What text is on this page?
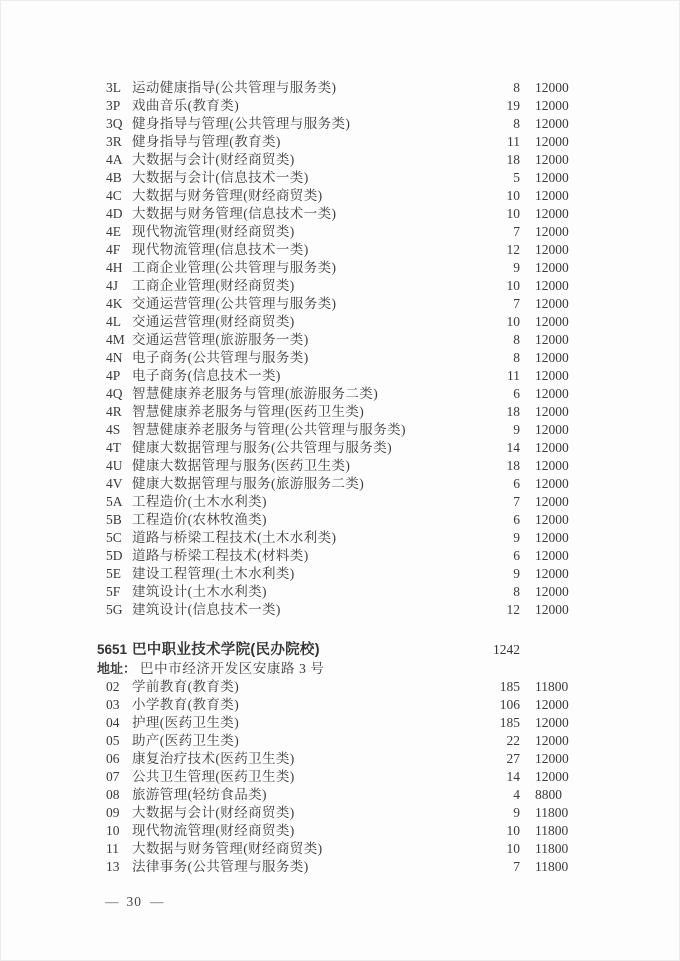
3L 运动健康指导(公共管理与服务类)	8 12000
3P 戏曲音乐(教育类)	19 12000
3Q 健身指导与管理(公共管理与服务类)	8 12000
3R 健身指导与管理(教育类)	11 12000
4A 大数据与会计(财经商贸类)	18 12000
4B 大数据与会计(信息技术一类)	5 12000
4C 大数据与财务管理(财经商贸类)	10 12000
4D 大数据与财务管理(信息技术一类)	10 12000
4E 现代物流管理(财经商贸类)	7 12000
4F 现代物流管理(信息技术一类)	12 12000
4H 工商企业管理(公共管理与服务类)	9 12000
4J	工商企业管理(财经商贸类)	10 12000
4K 交通运营管理(公共管理与服务类)	7 12000
4L 交通运营管理(财经商贸类)	10 12000
4M 交通运营管理(旅游服务一类)	8 12000
4N 电子商务(公共管理与服务类)	8 12000
4P 电子商务(信息技术一类)	11 12000
4Q 智慧健康养老服务与管理(旅游服务二类)	6 12000
4R 智慧健康养老服务与管理(医药卫生类)	18 12000
4S 智慧健康养老服务与管理(公共管理与服务类)	9 12000
4T 健康大数据管理与服务(公共管理与服务类)	14 12000
4U 健康大数据管理与服务(医药卫生类)	18 12000
4V 健康大数据管理与服务(旅游服务二类)	6 12000
5A 工程造价(土木水利类)	7 12000
5B 工程造价(农林牧渔类)	6 12000
5C 道路与桥梁工程技术(土木水利类)	9 12000
5D 道路与桥梁工程技术(材料类)	6 12000
5E 建设工程管理(土木水利类)	9 12000
5F 建筑设计(土木水利类)	8 12000
5G 建筑设计(信息技术一类)	12 12000
5651 巴中职业技术学院(民办院校)	1242
地址： 巴中市经济开发区安康路 3 号
02 学前教育(教育类)	185 11800
03 小学教育(教育类)	106 12000
04 护理(医药卫生类)	185 12000
05 助产(医药卫生类)	22 12000
06 康复治疗技术(医药卫生类)	27 12000
07 公共卫生管理(医药卫生类)	14 12000
08 旅游管理(轻纺食品类)	4 8800
09 大数据与会计(财经商贸类)	9 11800
10 现代物流管理(财经商贸类)	10 11800
11 大数据与财务管理(财经商贸类)	10 11800
13 法律事务(公共管理与服务类)	7 11800
— 30 —
